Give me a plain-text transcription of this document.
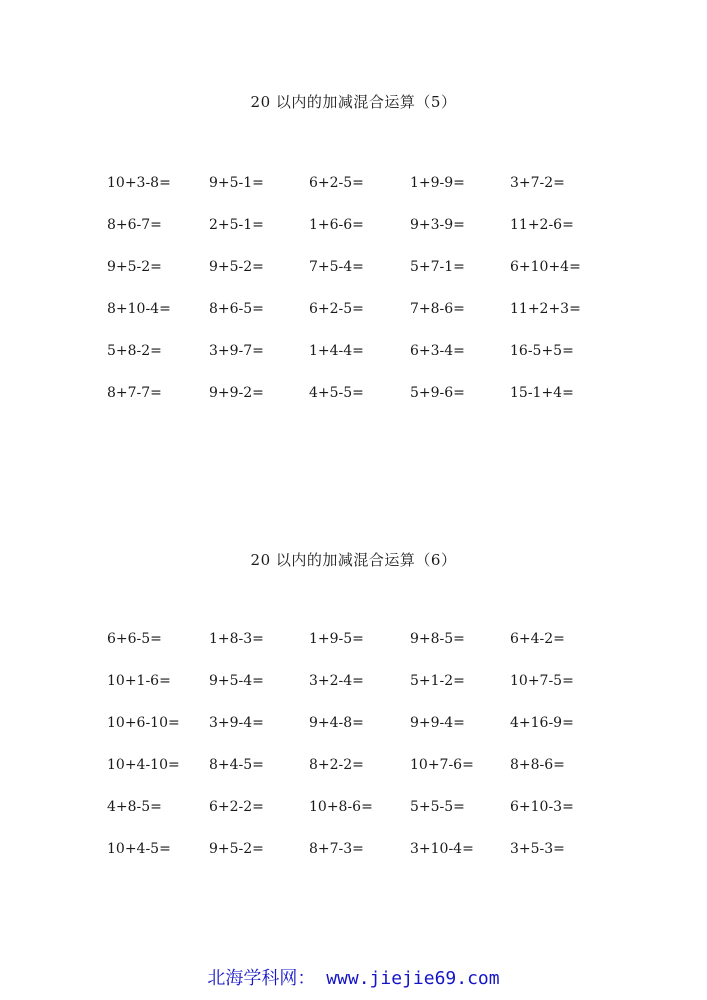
20 以内的加减混合运算（5）
10+3-8=	9+5-1=	6+2-5=	1+9-9=	3+7-2=
8+6-7=	2+5-1=	1+6-6=	9+3-9=	11+2-6=
9+5-2=	9+5-2=	7+5-4=	5+7-1=	6+10+4=
8+10-4=	8+6-5=	6+2-5=	7+8-6=	11+2+3=
5+8-2=	3+9-7=	1+4-4=	6+3-4=	16-5+5=
8+7-7=	9+9-2=	4+5-5=	5+9-6=	15-1+4=
20 以内的加减混合运算（6）
6+6-5=	1+8-3=	1+9-5=	9+8-5=	6+4-2=
10+1-6=	9+5-4=	3+2-4=	5+1-2=	10+7-5=
10+6-10= 3+9-4=	9+4-8=	9+9-4=	4+16-9=
10+4-10= 8+4-5=	8+2-2=	10+7-6=	8+8-6=
4+8-5=	6+2-2=	10+8-6=	5+5-5=	6+10-3=
10+4-5=	9+5-2=	8+7-3=	3+10-4=	3+5-3=
北海学科网： www.jiejie69.com
